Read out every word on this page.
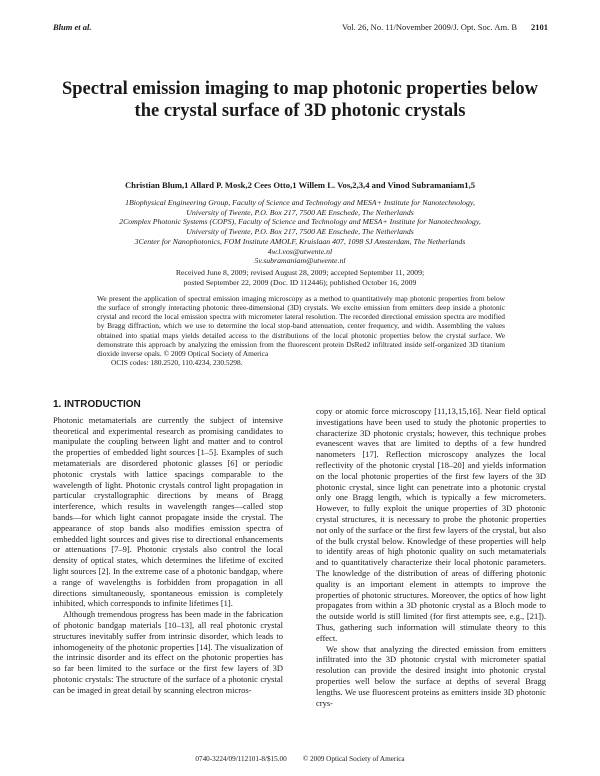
Blum et al.	Vol. 26, No. 11/November 2009/J. Opt. Soc. Am. B 2101
Spectral emission imaging to map photonic properties below the crystal surface of 3D photonic crystals
Christian Blum,1 Allard P. Mosk,2 Cees Otto,1 Willem L. Vos,2,3,4 and Vinod Subramaniam1,5
1Biophysical Engineering Group, Faculty of Science and Technology and MESA+ Institute for Nanotechnology,
University of Twente, P.O. Box 217, 7500 AE Enschede, The Netherlands
2Complex Photonic Systems (COPS), Faculty of Science and Technology and MESA+ Institute for Nanotechnology,
University of Twente, P.O. Box 217, 7500 AE Enschede, The Netherlands
3Center for Nanophotonics, FOM Institute AMOLF, Kruislaan 407, 1098 SJ Amsterdam, The Netherlands
4w.l.vos@utwente.nl
5v.subramaniam@utwente.nl
Received June 8, 2009; revised August 28, 2009; accepted September 11, 2009;
posted September 22, 2009 (Doc. ID 112446); published October 16, 2009
We present the application of spectral emission imaging microscopy as a method to quantitatively map photonic properties from below the surface of strongly interacting photonic three-dimensional (3D) crystals. We excite emission from emitters deep inside a photonic crystal and record the local emission spectra with micrometer lateral resolution. The recorded directional emission spectra are modified by Bragg diffraction, which we use to determine the local stop-band attenuation, center frequency, and width. Assembling the values obtained into spatial maps yields detailed access to the distributions of the local photonic properties below the crystal surface. We demonstrate this approach by analyzing the emission from the fluorescent protein DsRed2 infiltrated inside self-organized 3D titanium dioxide inverse opals. © 2009 Optical Society of America
OCIS codes: 180.2520, 110.4234, 230.5298.
1. INTRODUCTION

Photonic metamaterials are currently the subject of intensive theoretical and experimental research as promising candidates to manipulate the coupling between light and matter and to control the properties of embedded light sources [1–5]. Examples of such metamaterials are disordered photonic glasses [6] or periodic photonic crystals with lattice spacings comparable to the wavelength of light. Photonic crystals control light propagation in particular crystallographic directions by means of Bragg interference, which results in wavelength ranges—called stop bands—for which light cannot propagate inside the crystal. The appearance of stop bands also modifies emission spectra of embedded light sources and gives rise to directional enhancements or attenuations [7–9]. Photonic crystals also control the local density of optical states, which determines the lifetime of excited light sources [2]. In the extreme case of a photonic bandgap, where a range of wavelengths is forbidden from propagation in all directions simultaneously, spontaneous emission is completely inhibited, which corresponds to infinite lifetimes [1].

Although tremendous progress has been made in the fabrication of photonic bandgap materials [10–13], all real photonic crystal structures inevitably suffer from intrinsic disorder, which leads to inhomogeneity of the photonic properties [14]. The visualization of the intrinsic disorder and its effect on the photonic properties has so far been limited to the surface or the first few layers of 3D photonic crystals: The structure of the surface of a photonic crystal can be imaged in great detail by scanning electron micros-

copy or atomic force microscopy [11,13,15,16]. Near field optical investigations have been used to study the photonic properties to characterize 3D photonic crystals; however, this technique probes evanescent waves that are limited to depths of a few hundred nanometers [17]. Reflection microscopy analyzes the local reflectivity of the photonic crystal [18–20] and yields information on the local photonic properties of the first few layers of the 3D photonic crystal, since light can penetrate into a photonic crystal only one Bragg length, which is typically a few micrometers. However, to fully exploit the unique properties of 3D photonic crystal structures, it is necessary to probe the photonic properties not only of the surface or the first few layers of the crystal, but also of the bulk crystal below. Knowledge of these properties will help to identify areas of high photonic quality on such metamaterials and to quantitatively characterize their local photonic parameters. The knowledge of the distribution of areas of differing photonic quality is an important element in attempts to improve the properties of photonic structures. Moreover, the optics of how light propagates from within a 3D photonic crystal as a Bloch mode to the outside world is still limited (for first attempts see, e.g., [21]). Thus, gathering such information will stimulate theory to this effect.

We show that analyzing the directed emission from emitters infiltrated into the 3D photonic crystal with micrometer spatial resolution can provide the desired insight into photonic crystal properties well below the surface at depths of several Bragg lengths. We use fluorescent proteins as emitters inside 3D photonic crys-

0740-3224/09/112101-8/$15.00 © 2009 Optical Society of America
